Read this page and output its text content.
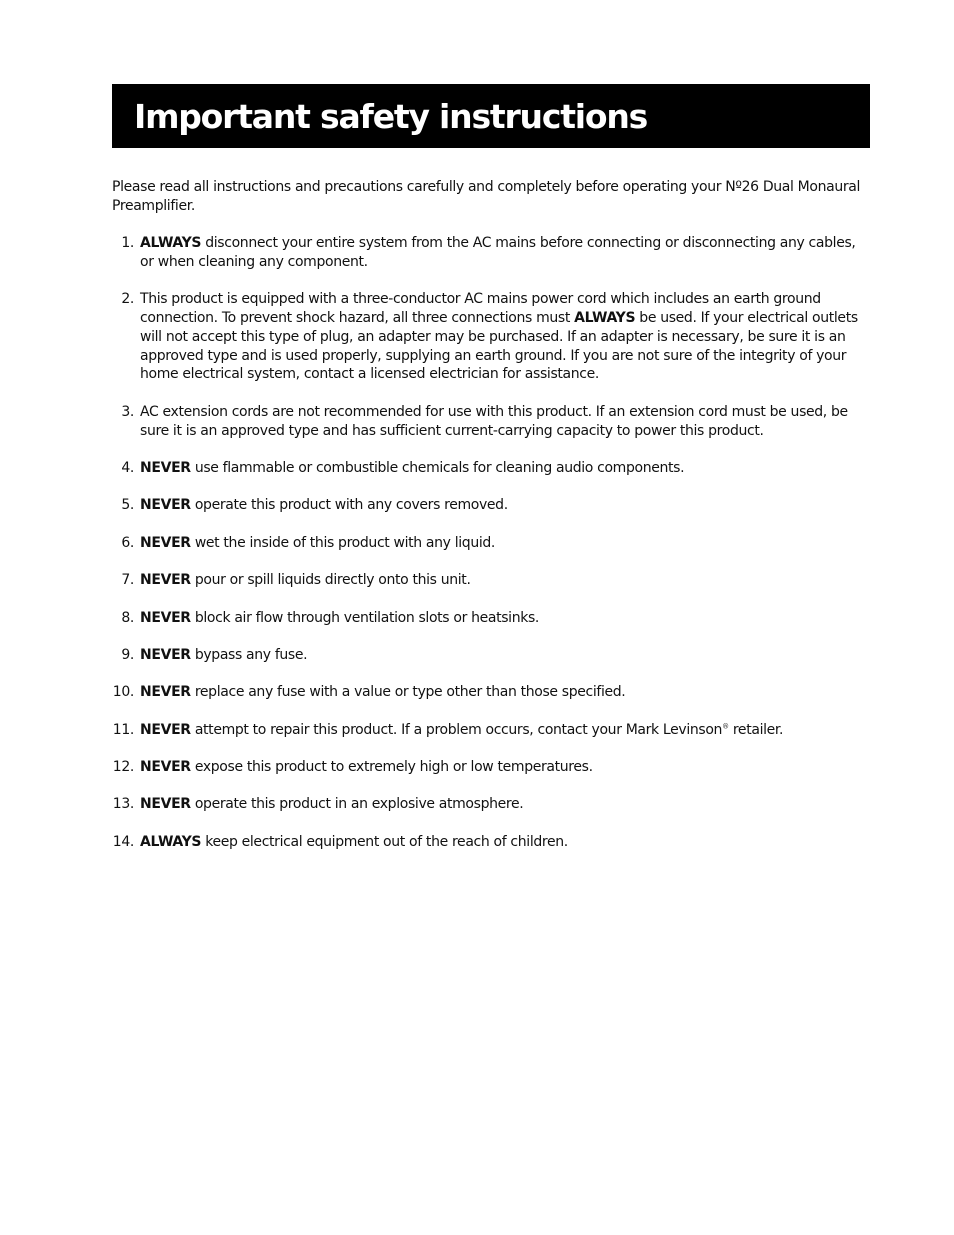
Important safety instructions

Please read all instructions and precautions carefully and completely before operating your Nº26 Dual Monaural Preamplifier.

1. ALWAYS disconnect your entire system from the AC mains before connecting or disconnecting any cables, or when cleaning any component.
2. This product is equipped with a three-conductor AC mains power cord which includes an earth ground connection. To prevent shock hazard, all three connections must ALWAYS be used. If your electrical outlets will not accept this type of plug, an adapter may be purchased. If an adapter is necessary, be sure it is an approved type and is used properly, supplying an earth ground. If you are not sure of the integrity of your home electrical system, contact a licensed electrician for assistance.
3. AC extension cords are not recommended for use with this product. If an extension cord must be used, be sure it is an approved type and has sufficient current-carrying capacity to power this product.
4. NEVER use flammable or combustible chemicals for cleaning audio components.
5. NEVER operate this product with any covers removed.
6. NEVER wet the inside of this product with any liquid.
7. NEVER pour or spill liquids directly onto this unit.
8. NEVER block air flow through ventilation slots or heatsinks.
9. NEVER bypass any fuse.
10. NEVER replace any fuse with a value or type other than those specified.
11. NEVER attempt to repair this product. If a problem occurs, contact your Mark Levinson® retailer.
12. NEVER expose this product to extremely high or low temperatures.
13. NEVER operate this product in an explosive atmosphere.
14. ALWAYS keep electrical equipment out of the reach of children.
